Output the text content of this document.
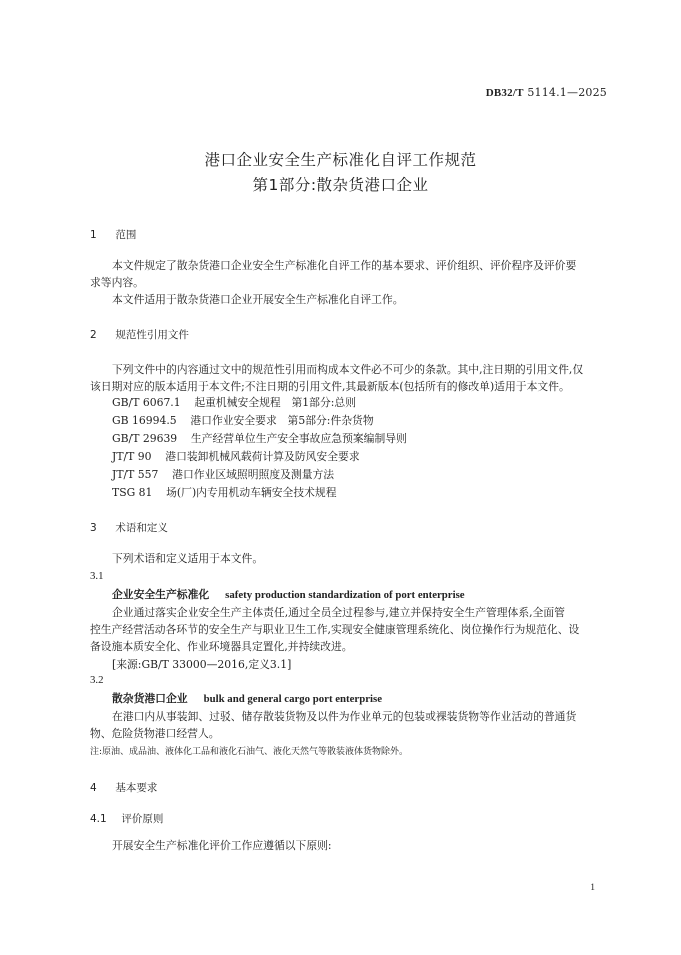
DB32/T 5114.1—2025
港口企业安全生产标准化自评工作规范
第1部分:散杂货港口企业
1 范围
本文件规定了散杂货港口企业安全生产标准化自评工作的基本要求、评价组织、评价程序及评价要
求等内容。
本文件适用于散杂货港口企业开展安全生产标准化自评工作。
2 规范性引用文件
下列文件中的内容通过文中的规范性引用而构成本文件必不可少的条款。其中,注日期的引用文件,仅
该日期对应的版本适用于本文件;不注日期的引用文件,其最新版本(包括所有的修改单)适用于本文件。
GB/T 6067.1 起重机械安全规程　第1部分:总则
GB 16994.5 港口作业安全要求　第5部分:件杂货物
GB/T 29639 生产经营单位生产安全事故应急预案编制导则
JT/T 90 港口装卸机械风载荷计算及防风安全要求
JT/T 557 港口作业区域照明照度及测量方法
TSG 81 场(厂)内专用机动车辆安全技术规程
3 术语和定义
下列术语和定义适用于本文件。
3.1
企业安全生产标准化 safety production standardization of port enterprise
企业通过落实企业安全生产主体责任,通过全员全过程参与,建立并保持安全生产管理体系,全面管
控生产经营活动各环节的安全生产与职业卫生工作,实现安全健康管理系统化、岗位操作行为规范化、设
备设施本质安全化、作业环境器具定置化,并持续改进。
[来源:GB/T 33000—2016,定义3.1]
3.2
散杂货港口企业 bulk and general cargo port enterprise
在港口内从事装卸、过驳、储存散装货物及以件为作业单元的包装或裸装货物等作业活动的普通货
物、危险货物港口经营人。
注:原油、成品油、液体化工品和液化石油气、液化天然气等散装液体货物除外。
4 基本要求
4.1 评价原则
开展安全生产标准化评价工作应遵循以下原则:
1
